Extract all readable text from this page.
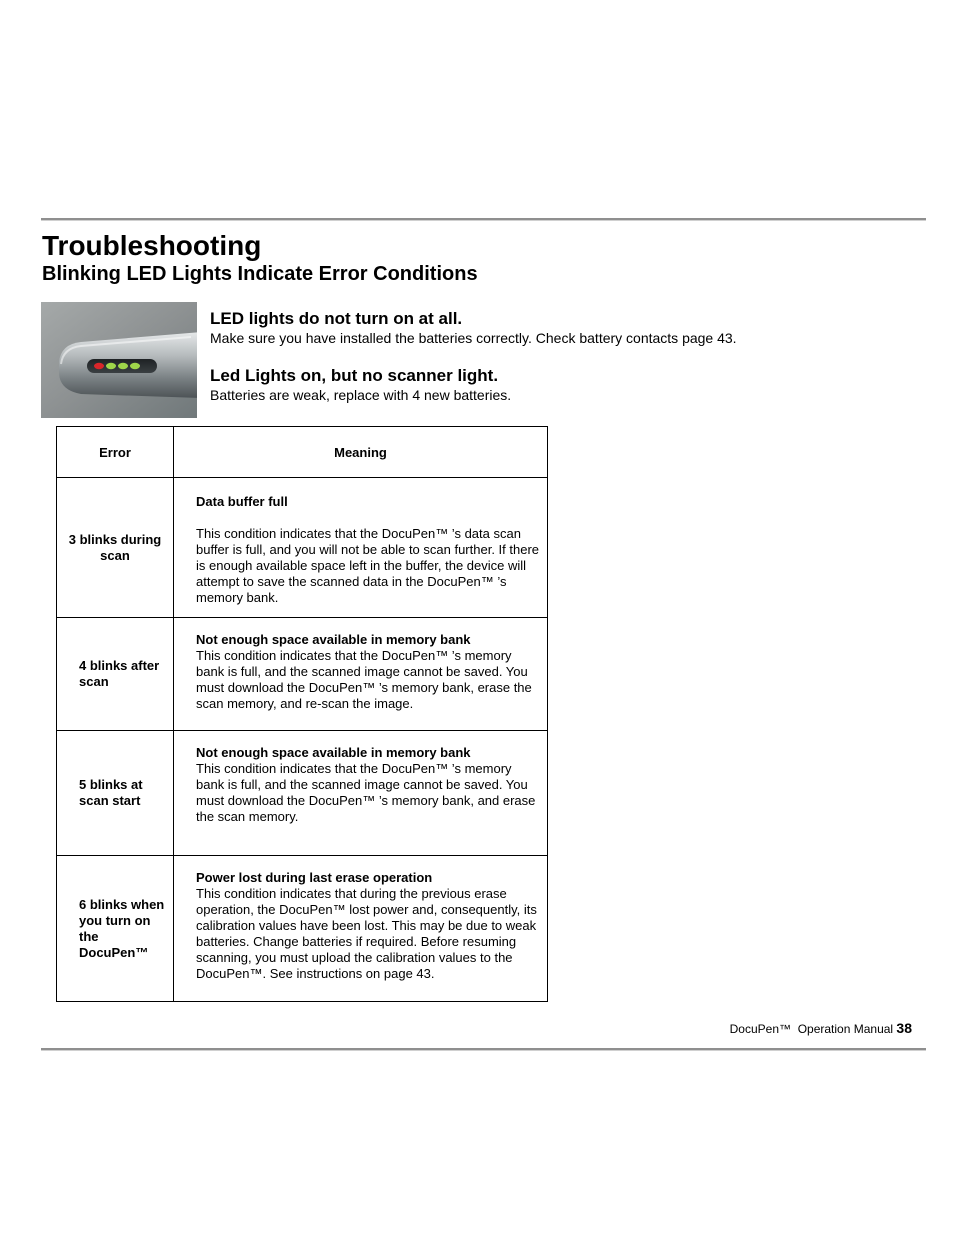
Troubleshooting
Blinking LED Lights Indicate Error Conditions
LED lights do not turn on at all.

Make sure you have installed the batteries correctly. Check battery contacts page 43.

Led Lights on, but no scanner light.

Batteries are weak, replace with 4 new batteries.

Error	Meaning
3 blinks during scan	Data buffer full
This condition indicates that the DocuPen™ ’s data scan buffer is full, and you will not be able to scan further. If there is enough available space left in the buffer, the device will attempt to save the scanned data in the DocuPen™ ’s memory bank.

4 blinks after scan	Not enough space available in memory bank
This condition indicates that the DocuPen™ ’s memory bank is full, and the scanned image cannot be saved. You must download the DocuPen™ ’s memory bank, erase the scan memory, and re-scan the image.

5 blinks at scan start	Not enough space available in memory bank
This condition indicates that the DocuPen™ ’s memory bank is full, and the scanned image cannot be saved. You must download the DocuPen™ ’s memory bank, and erase the scan memory.

6 blinks when you turn on the DocuPen™	Power lost during last erase operation
This condition indicates that during the previous erase operation, the DocuPen™ lost power and, consequently, its calibration values have been lost. This may be due to weak batteries. Change batteries if required. Before resuming scanning, you must upload the calibration values to the DocuPen™. See instructions on page 43.
DocuPen™ Operation Manual 38
